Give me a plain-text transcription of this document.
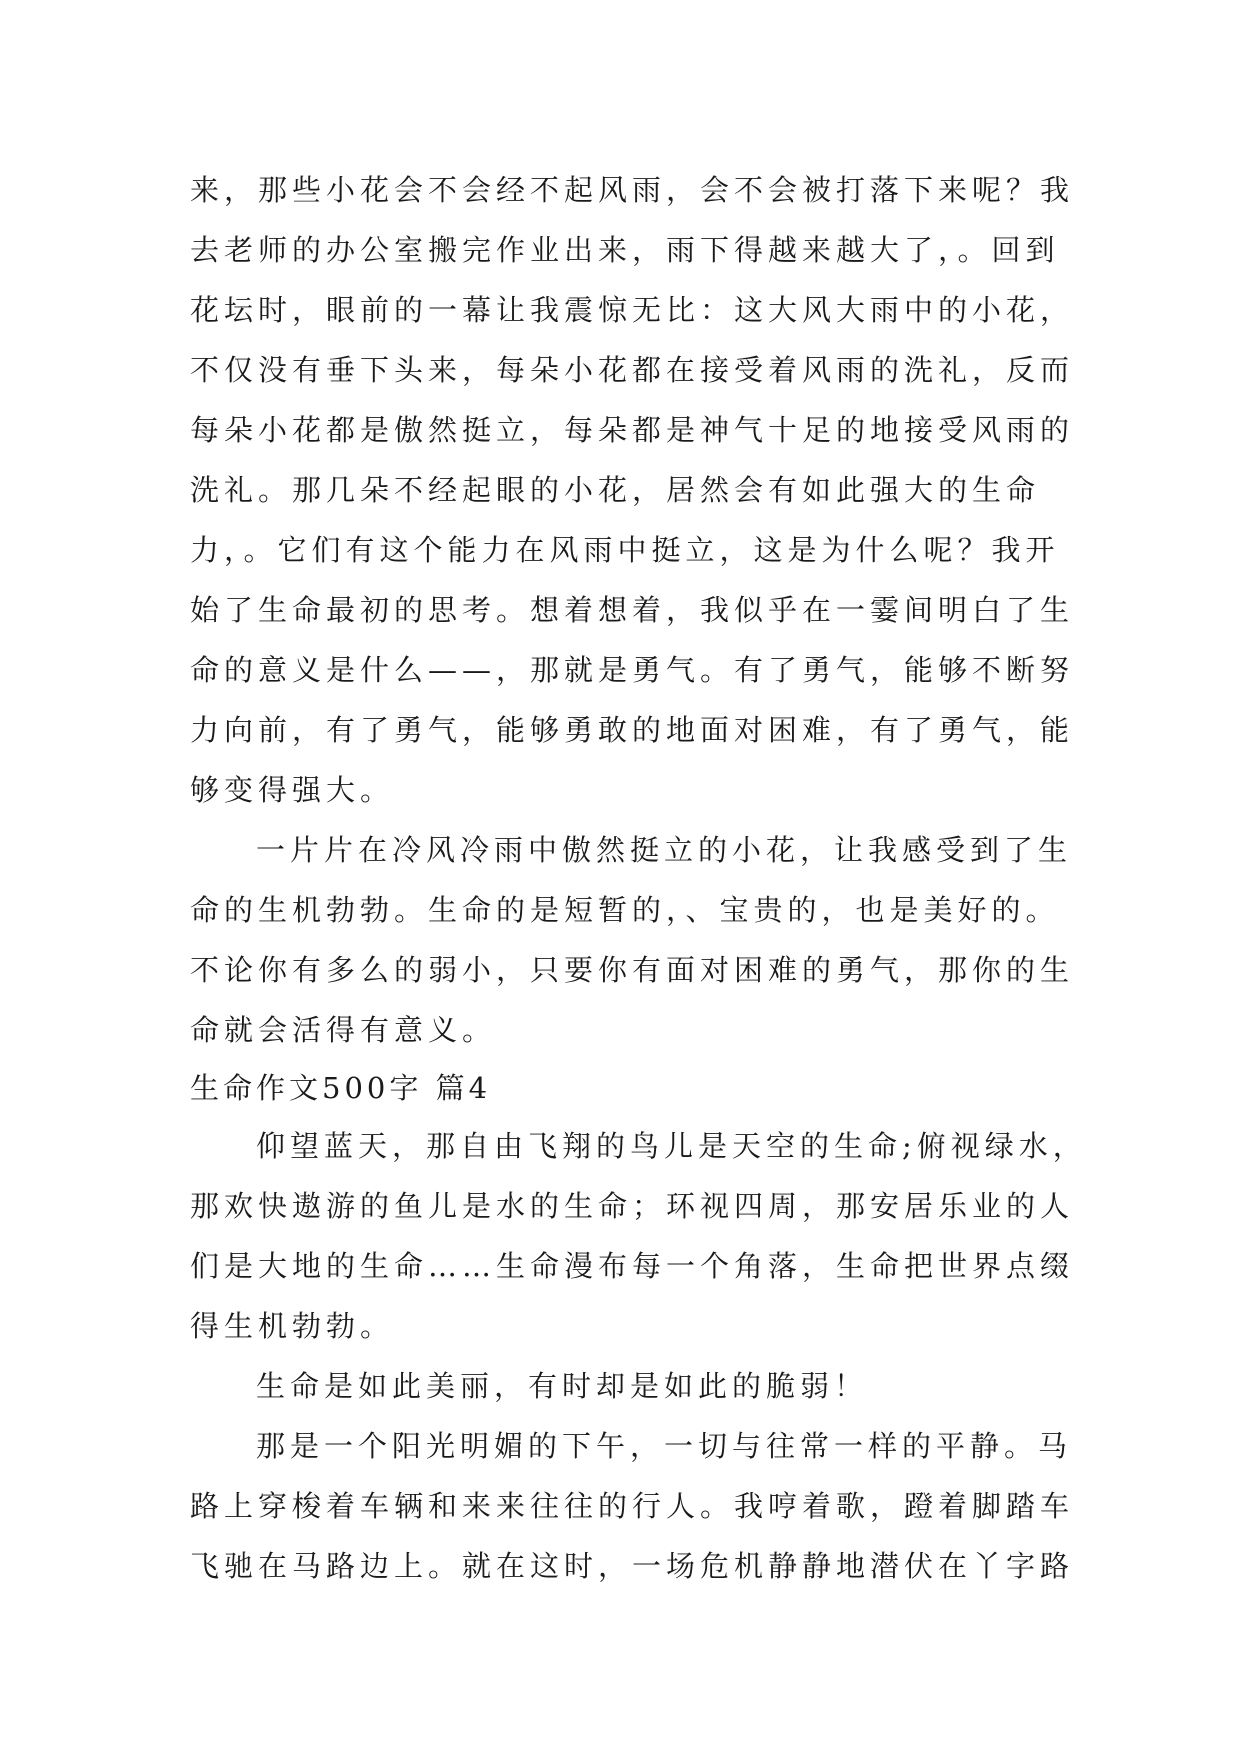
来，那些小花会不会经不起风雨，会不会被打落下来呢？我
去老师的办公室搬完作业出来，雨下得越来越大了，。回到
花坛时，眼前的一幕让我震惊无比：这大风大雨中的小花，
不仅没有垂下头来，每朵小花都在接受着风雨的洗礼，反而
每朵小花都是傲然挺立，每朵都是神气十足的地接受风雨的
洗礼。那几朵不经起眼的小花，居然会有如此强大的生命
力，。它们有这个能力在风雨中挺立，这是为什么呢？我开
始了生命最初的思考。想着想着，我似乎在一霎间明白了生
命的意义是什么——，那就是勇气。有了勇气，能够不断努
力向前，有了勇气，能够勇敢的地面对困难，有了勇气，能
够变得强大。
一片片在冷风冷雨中傲然挺立的小花，让我感受到了生
命的生机勃勃。生命的是短暂的，、宝贵的，也是美好的。
不论你有多么的弱小，只要你有面对困难的勇气，那你的生
命就会活得有意义。
生命作文500字 篇4
仰望蓝天，那自由飞翔的鸟儿是天空的生命;俯视绿水，
那欢快遨游的鱼儿是水的生命；环视四周，那安居乐业的人
们是大地的生命……生命漫布每一个角落，生命把世界点缀
得生机勃勃。
生命是如此美丽，有时却是如此的脆弱！
那是一个阳光明媚的下午，一切与往常一样的平静。马
路上穿梭着车辆和来来往往的行人。我哼着歌，蹬着脚踏车
飞驰在马路边上。就在这时，一场危机静静地潜伏在丫字路
